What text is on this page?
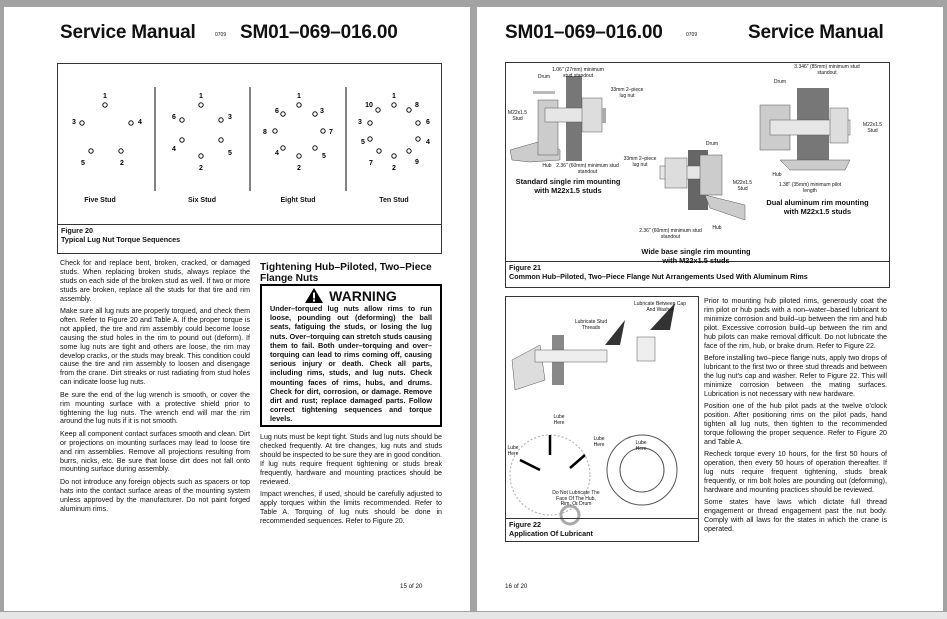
Service Manual	0709 SM01–069–016.00
Figure 20
Typical Lug Nut Torque Sequences
1
2
3	4
5
1
2
3
4
5
6
1
2
3
4	5
6
7
8
1
2
3
4
5
6
7
8
9
10
Five Stud	Six Stud	Eight Stud	Ten Stud

Check for and replace bent, broken, cracked, or damaged studs. When replacing broken studs, always replace the studs on each side of the broken stud as well. If two or more studs are broken, replace all the studs for that tire and rim assembly.

Make sure all lug nuts are properly torqued, and check them often. Refer to Figure 20 and Table A. If the proper torque is not applied, the tire and rim assembly could become loose causing the stud holes in the rim to pound out (deform). If some lug nuts are tight and others are loose, the rim may develop cracks, or the studs may break. This condition could cause the tire and rim assembly to loosen and disengage from the crane. Dirt streaks or rust radiating from stud holes can indicate loose lug nuts.

Be sure the end of the lug wrench is smooth, or cover the rim mounting surface with a protective shield prior to tightening the lug nuts. The wrench end will mar the rim around the lug nuts if it is not smooth.

Keep all component contact surfaces smooth and clean. Dirt or projections on mounting surfaces may lead to loose tire and rim assemblies. Remove all projections resulting from burrs, nicks, etc. Be sure that loose dirt does not fall onto mounting surface during assembly.

Do not introduce any foreign objects such as spacers or top hats into the contact surface areas of the mounting system unless approved by the manufacturer. Do not paint forged aluminum rims.

Tightening Hub–Piloted, Two–Piece Flange Nuts
WARNING
Under–torqued lug nuts allow rims to run loose, pounding out (deforming) the ball seats, fatiguing the studs, or losing the lug nuts. Over–torquing can stretch studs causing them to fail. Both under–torquing and over–torquing can lead to rims coming off, causing serious injury or death. Check all parts, including rims, studs, and lug nuts. Check mounting faces of rims, hubs, and drums. Check for dirt, corrosion, or damage. Remove dirt and rust; replace damaged parts. Follow correct tightening sequences and torque levels.

Lug nuts must be kept tight. Studs and lug nuts should be checked frequently. At tire changes, lug nuts and studs should be inspected to be sure they are in good condition. If lug nuts require frequent tightening or studs break frequently, hardware and mounting practices should be reviewed.

Impact wrenches, if used, should be carefully adjusted to apply torques within the limits recommended. Refer to Table A. Torquing of lug nuts should be done in recommended sequences. Refer to Figure 20.

15 of 20
SM01–069–016.00	0709	Service Manual
Figure 21
Common Hub–Piloted, Two–Piece Flange Nut Arrangements Used With Aluminum Rims
1.06" (27mm) minimum stud standout
Drum
33mm 2–piece lug nut
M22x1.5 Stud
Hub 2.36" (60mm) minimum stud standout
Standard single rim mounting with M22x1.5 studs
33mm 2–piece lug nut
Drum
M22x1.5 Stud
Hub
2.36" (60mm) minimum stud standout
Wide base single rim mounting with M22x1.5 studs
3.346" (85mm) minimum stud standout
Drum
M22x1.5 Stud
Hub
1.38" (35mm) minimum pilot length
Dual aluminum rim mounting with M22x1.5 studs
Figure 22
Application Of Lubricant
Lubricate Stud Threads
Lubricate Between Cap And Washer
Lube Here
Lube Here
Lube Here	Lube Here
Do Not Lubricate The Face Of The Hub, Rim, Or Drum

Prior to mounting hub piloted rims, generously coat the rim pilot or hub pads with a non–water–based lubricant to minimize corrosion and build–up between the rim and hub pilot. Excessive corrosion build–up between the rim and hub pilots can make removal difficult. Do not lubricate the face of the rim, hub, or brake drum. Refer to Figure 22.

Before installing two–piece flange nuts, apply two drops of lubricant to the first two or three stud threads and between the lug nut's cap and washer. Refer to Figure 22. This will minimize corrosion between the mating surfaces. Lubrication is not necessary with new hardware.

Position one of the hub pilot pads at the twelve o'clock position. After positioning rims on the pilot pads, hand tighten all lug nuts, then tighten to the recommended torque following the proper sequence. Refer to Figure 20 and Table A.

Recheck torque every 10 hours, for the first 50 hours of operation, then every 50 hours of operation thereafter. If lug nuts require frequent tightening, studs break frequently, or rim bolt holes are pounding out (deforming), hardware and mounting practices should be reviewed.

Some states have laws which dictate full thread engagement or thread engagement past the nut body. Comply with all laws for the states in which the crane is operated.

16 of 20
